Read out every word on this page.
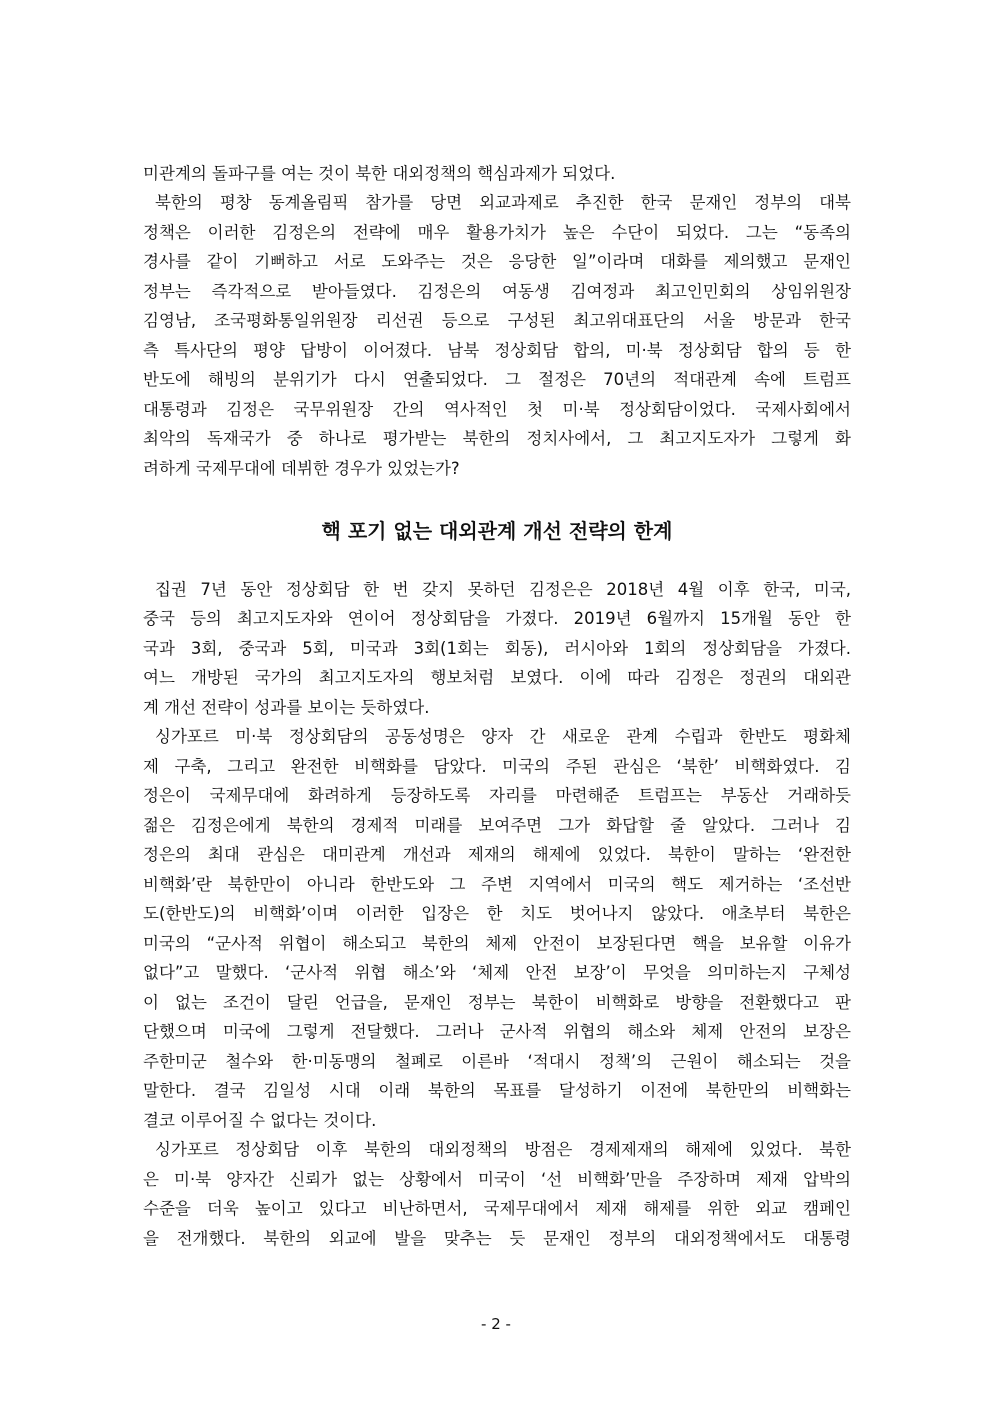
미관계의 돌파구를 여는 것이 북한 대외정책의 핵심과제가 되었다.
북한의 평창 동계올림픽 참가를 당면 외교과제로 추진한 한국 문재인 정부의 대북
정책은 이러한 김정은의 전략에 매우 활용가치가 높은 수단이 되었다. 그는 “동족의
경사를 같이 기뻐하고 서로 도와주는 것은 응당한 일”이라며 대화를 제의했고 문재인
정부는 즉각적으로 받아들였다. 김정은의 여동생 김여정과 최고인민회의 상임위원장
김영남, 조국평화통일위원장 리선권 등으로 구성된 최고위대표단의 서울 방문과 한국
측 특사단의 평양 답방이 이어졌다. 남북 정상회담 합의, 미·북 정상회담 합의 등 한
반도에 해빙의 분위기가 다시 연출되었다. 그 절정은 70년의 적대관계 속에 트럼프
대통령과 김정은 국무위원장 간의 역사적인 첫 미·북 정상회담이었다. 국제사회에서
최악의 독재국가 중 하나로 평가받는 북한의 정치사에서, 그 최고지도자가 그렇게 화
려하게 국제무대에 데뷔한 경우가 있었는가?
핵 포기 없는 대외관계 개선 전략의 한계
집권 7년 동안 정상회담 한 번 갖지 못하던 김정은은 2018년 4월 이후 한국, 미국,
중국 등의 최고지도자와 연이어 정상회담을 가졌다. 2019년 6월까지 15개월 동안 한
국과 3회, 중국과 5회, 미국과 3회(1회는 회동), 러시아와 1회의 정상회담을 가졌다.
여느 개방된 국가의 최고지도자의 행보처럼 보였다. 이에 따라 김정은 정권의 대외관
계 개선 전략이 성과를 보이는 듯하였다.
싱가포르 미·북 정상회담의 공동성명은 양자 간 새로운 관계 수립과 한반도 평화체
제 구축, 그리고 완전한 비핵화를 담았다. 미국의 주된 관심은 ‘북한’ 비핵화였다. 김
정은이 국제무대에 화려하게 등장하도록 자리를 마련해준 트럼프는 부동산 거래하듯
젊은 김정은에게 북한의 경제적 미래를 보여주면 그가 화답할 줄 알았다. 그러나 김
정은의 최대 관심은 대미관계 개선과 제재의 해제에 있었다. 북한이 말하는 ‘완전한
비핵화’란 북한만이 아니라 한반도와 그 주변 지역에서 미국의 핵도 제거하는 ‘조선반
도(한반도)의 비핵화’이며 이러한 입장은 한 치도 벗어나지 않았다. 애초부터 북한은
미국의 “군사적 위협이 해소되고 북한의 체제 안전이 보장된다면 핵을 보유할 이유가
없다”고 말했다. ‘군사적 위협 해소’와 ‘체제 안전 보장’이 무엇을 의미하는지 구체성
이 없는 조건이 달린 언급을, 문재인 정부는 북한이 비핵화로 방향을 전환했다고 판
단했으며 미국에 그렇게 전달했다. 그러나 군사적 위협의 해소와 체제 안전의 보장은
주한미군 철수와 한·미동맹의 철폐로 이른바 ‘적대시 정책’의 근원이 해소되는 것을
말한다. 결국 김일성 시대 이래 북한의 목표를 달성하기 이전에 북한만의 비핵화는
결코 이루어질 수 없다는 것이다.
싱가포르 정상회담 이후 북한의 대외정책의 방점은 경제제재의 해제에 있었다. 북한
은 미·북 양자간 신뢰가 없는 상황에서 미국이 ‘선 비핵화’만을 주장하며 제재 압박의
수준을 더욱 높이고 있다고 비난하면서, 국제무대에서 제재 해제를 위한 외교 캠페인
을 전개했다. 북한의 외교에 발을 맞추는 듯 문재인 정부의 대외정책에서도 대통령
- 2 -
